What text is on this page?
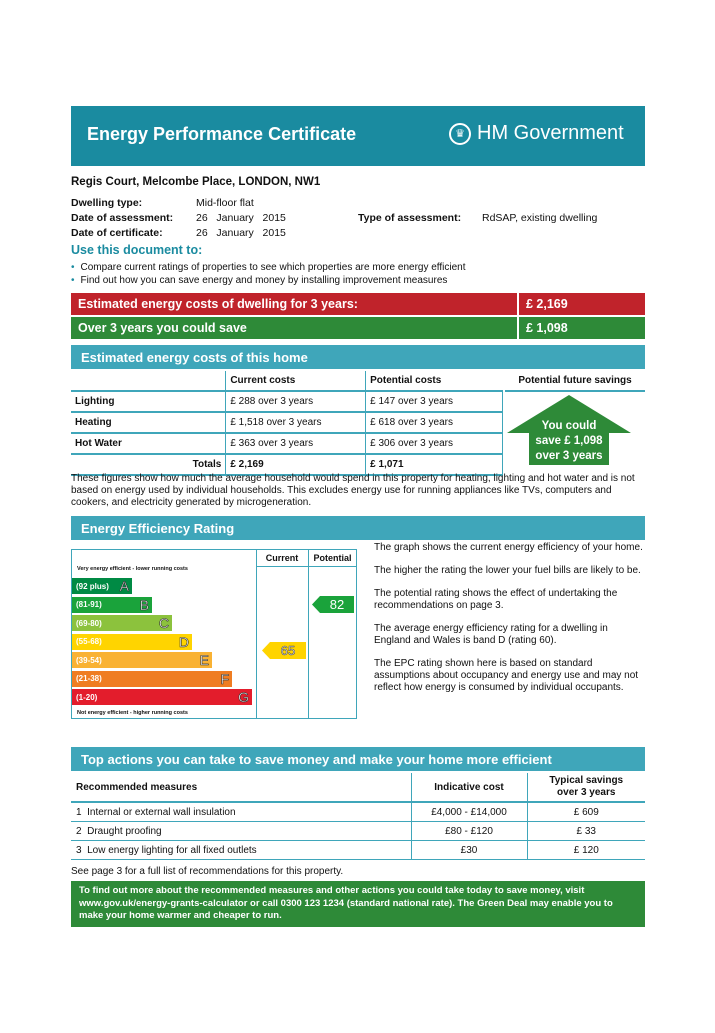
Energy Performance Certificate	♛ HM Government
Regis Court, Melcombe Place, LONDON, NW1
Dwelling type:	Mid-floor flat
Date of assessment: 26   January   2015
Date of certificate:	26   January   2015
Type of assessment: RdSAP, existing dwelling
Use this document to:
• Compare current ratings of properties to see which properties are more energy efficient
• Find out how you can save energy and money by installing improvement measures
Estimated energy costs of dwelling for 3 years:	£ 2,169
Over 3 years you could save	£ 1,098
Estimated energy costs of this home
	Current costs	Potential costs
Lighting	£ 288 over 3 years	£ 147 over 3 years
Heating	£ 1,518 over 3 years	£ 618 over 3 years
Hot Water	£ 363 over 3 years	£ 306 over 3 years
Totals	£ 2,169	£ 1,071
Potential future savings
You could
save £ 1,098
over 3 years
These figures show how much the average household would spend in this property for heating, lighting and hot water and is not based on energy used by individual households. This excludes energy use for running appliances like TVs, computers and cookers, and electricity generated by microgeneration.
Energy Efficiency Rating
Current	Potential
Very energy efficient - lower running costs
(92 plus) A
(81-91)	B
(69-80)	C
(55-68)	D
(39-54)	E
(21-38)	F
(1-20)	G
Not energy efficient - higher running costs
65
82
The graph shows the current energy efficiency of your home.
The higher the rating the lower your fuel bills are likely to be.
The potential rating shows the effect of undertaking the recommendations on page 3.
The average energy efficiency rating for a dwelling in England and Wales is band D (rating 60).
The EPC rating shown here is based on standard assumptions about occupancy and energy use and may not reflect how energy is consumed by individual occupants.
Top actions you can take to save money and make your home more efficient
Recommended measures	Indicative cost	Typical savings
over 3 years

1 Internal or external wall insulation	£4,000 - £14,000	£ 609
2 Draught proofing	£80 - £120	£ 33
3 Low energy lighting for all fixed outlets	£30	£ 120
See page 3 for a full list of recommendations for this property.
To find out more about the recommended measures and other actions you could take today to save money, visit www.gov.uk/energy-grants-calculator or call 0300 123 1234 (standard national rate). The Green Deal may enable you to make your home warmer and cheaper to run.
